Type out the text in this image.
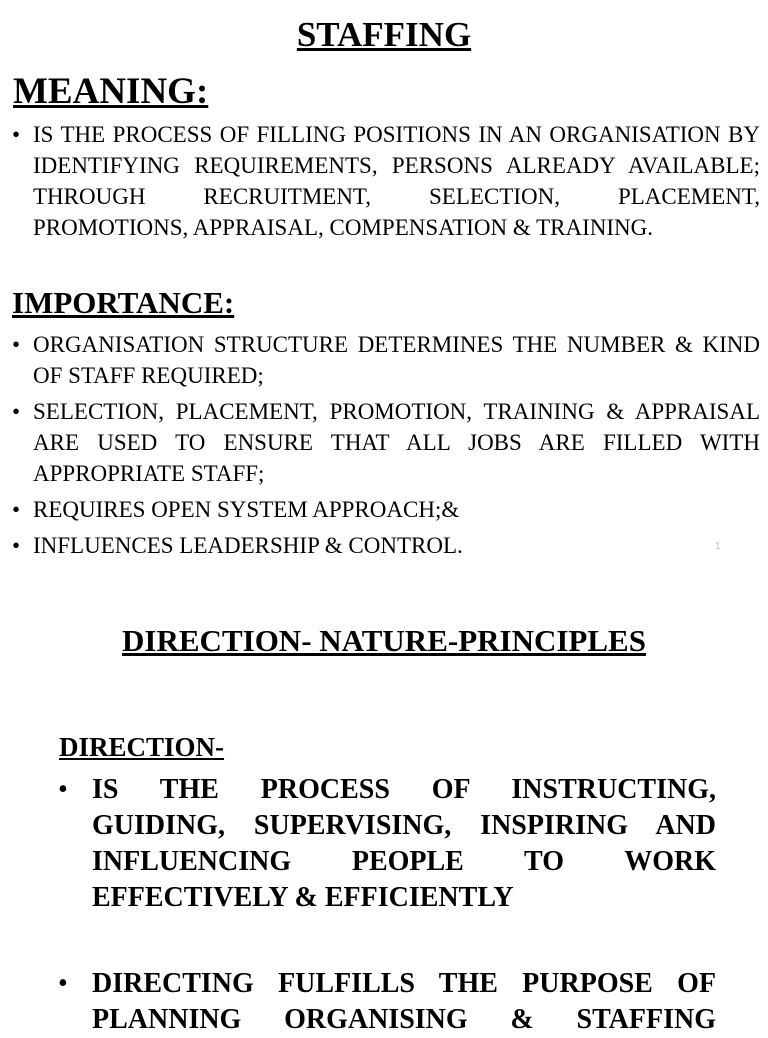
STAFFING
MEANING:
• IS THE PROCESS OF FILLING POSITIONS IN AN ORGANISATION BY IDENTIFYING REQUIREMENTS, PERSONS ALREADY AVAILABLE; THROUGH RECRUITMENT, SELECTION, PLACEMENT, PROMOTIONS, APPRAISAL, COMPENSATION & TRAINING.
IMPORTANCE:
• ORGANISATION STRUCTURE DETERMINES THE NUMBER & KIND OF STAFF REQUIRED;
• SELECTION, PLACEMENT, PROMOTION, TRAINING & APPRAISAL ARE USED TO ENSURE THAT ALL JOBS ARE FILLED WITH APPROPRIATE STAFF;
• REQUIRES OPEN SYSTEM APPROACH;&
• INFLUENCES LEADERSHIP & CONTROL.	1
DIRECTION- NATURE-PRINCIPLES
DIRECTION-
• IS THE PROCESS OF INSTRUCTING, GUIDING, SUPERVISING, INSPIRING AND INFLUENCING PEOPLE TO WORK EFFECTIVELY & EFFICIENTLY
• DIRECTING FULFILLS THE PURPOSE OF PLANNING ORGANISING & STAFFING
